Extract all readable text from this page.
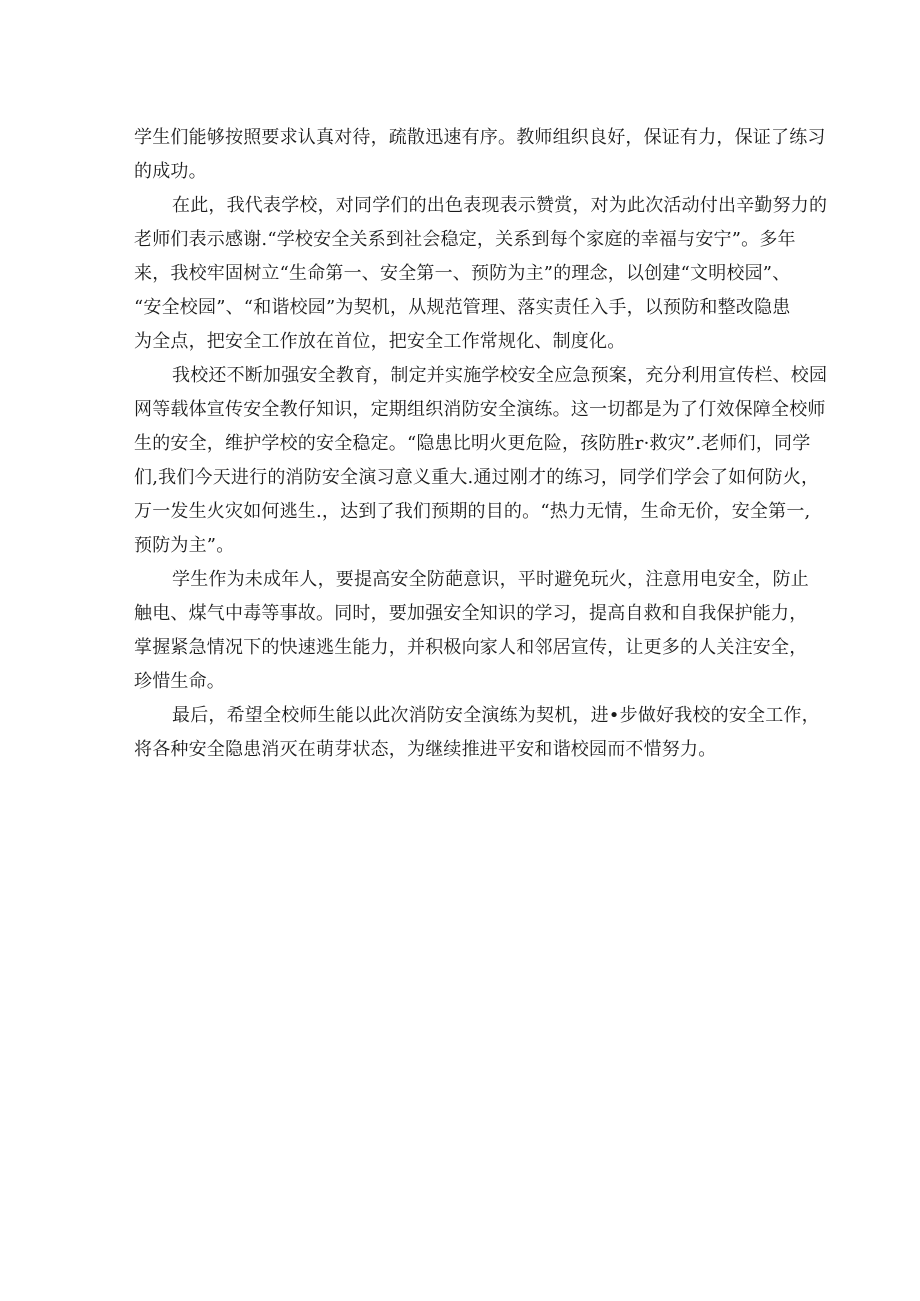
学生们能够按照要求认真对待，疏散迅速有序。教师组织良好，保证有力，保证了练习
的成功。

在此，我代表学校，对同学们的出色表现表示赞赏，对为此次活动付出辛勤努力的
老师们表示感谢.“学校安全关系到社会稳定，关系到每个家庭的幸福与安宁”。多年
来，我校牢固树立“生命第一、安全第一、预防为主”的理念，以创建“文明校园”、
“安全校园”、“和谐校园”为契机，从规范管理、落实责任入手，以预防和整改隐患
为全点，把安全工作放在首位，把安全工作常规化、制度化。

我校还不断加强安全教育，制定并实施学校安全应急预案，充分利用宣传栏、校园
网等载体宣传安全教仔知识，定期组织消防安全演练。这一切都是为了仃效保障全校师
生的安全，维护学校的安全稳定。“隐患比明火更危险，孩防胜r·救灾”.老师们，同学
们,我们今天进行的消防安全演习意义重大.通过刚才的练习，同学们学会了如何防火，
万一发生火灾如何逃生.，达到了我们预期的目的。“热力无情，生命无价，安全第一,
预防为主”。

学生作为未成年人，要提高安全防葩意识，平时避免玩火，注意用电安全，防止
触电、煤气中毒等事故。同时，要加强安全知识的学习，提高自救和自我保护能力，
掌握紧急情况下的快速逃生能力，并积极向家人和邻居宣传，让更多的人关注安全，
珍惜生命。

最后，希望全校师生能以此次消防安全演练为契机，进•步做好我校的安全工作，
将各种安全隐患消灭在萌芽状态，为继续推进平安和谐校园而不惜努力。
